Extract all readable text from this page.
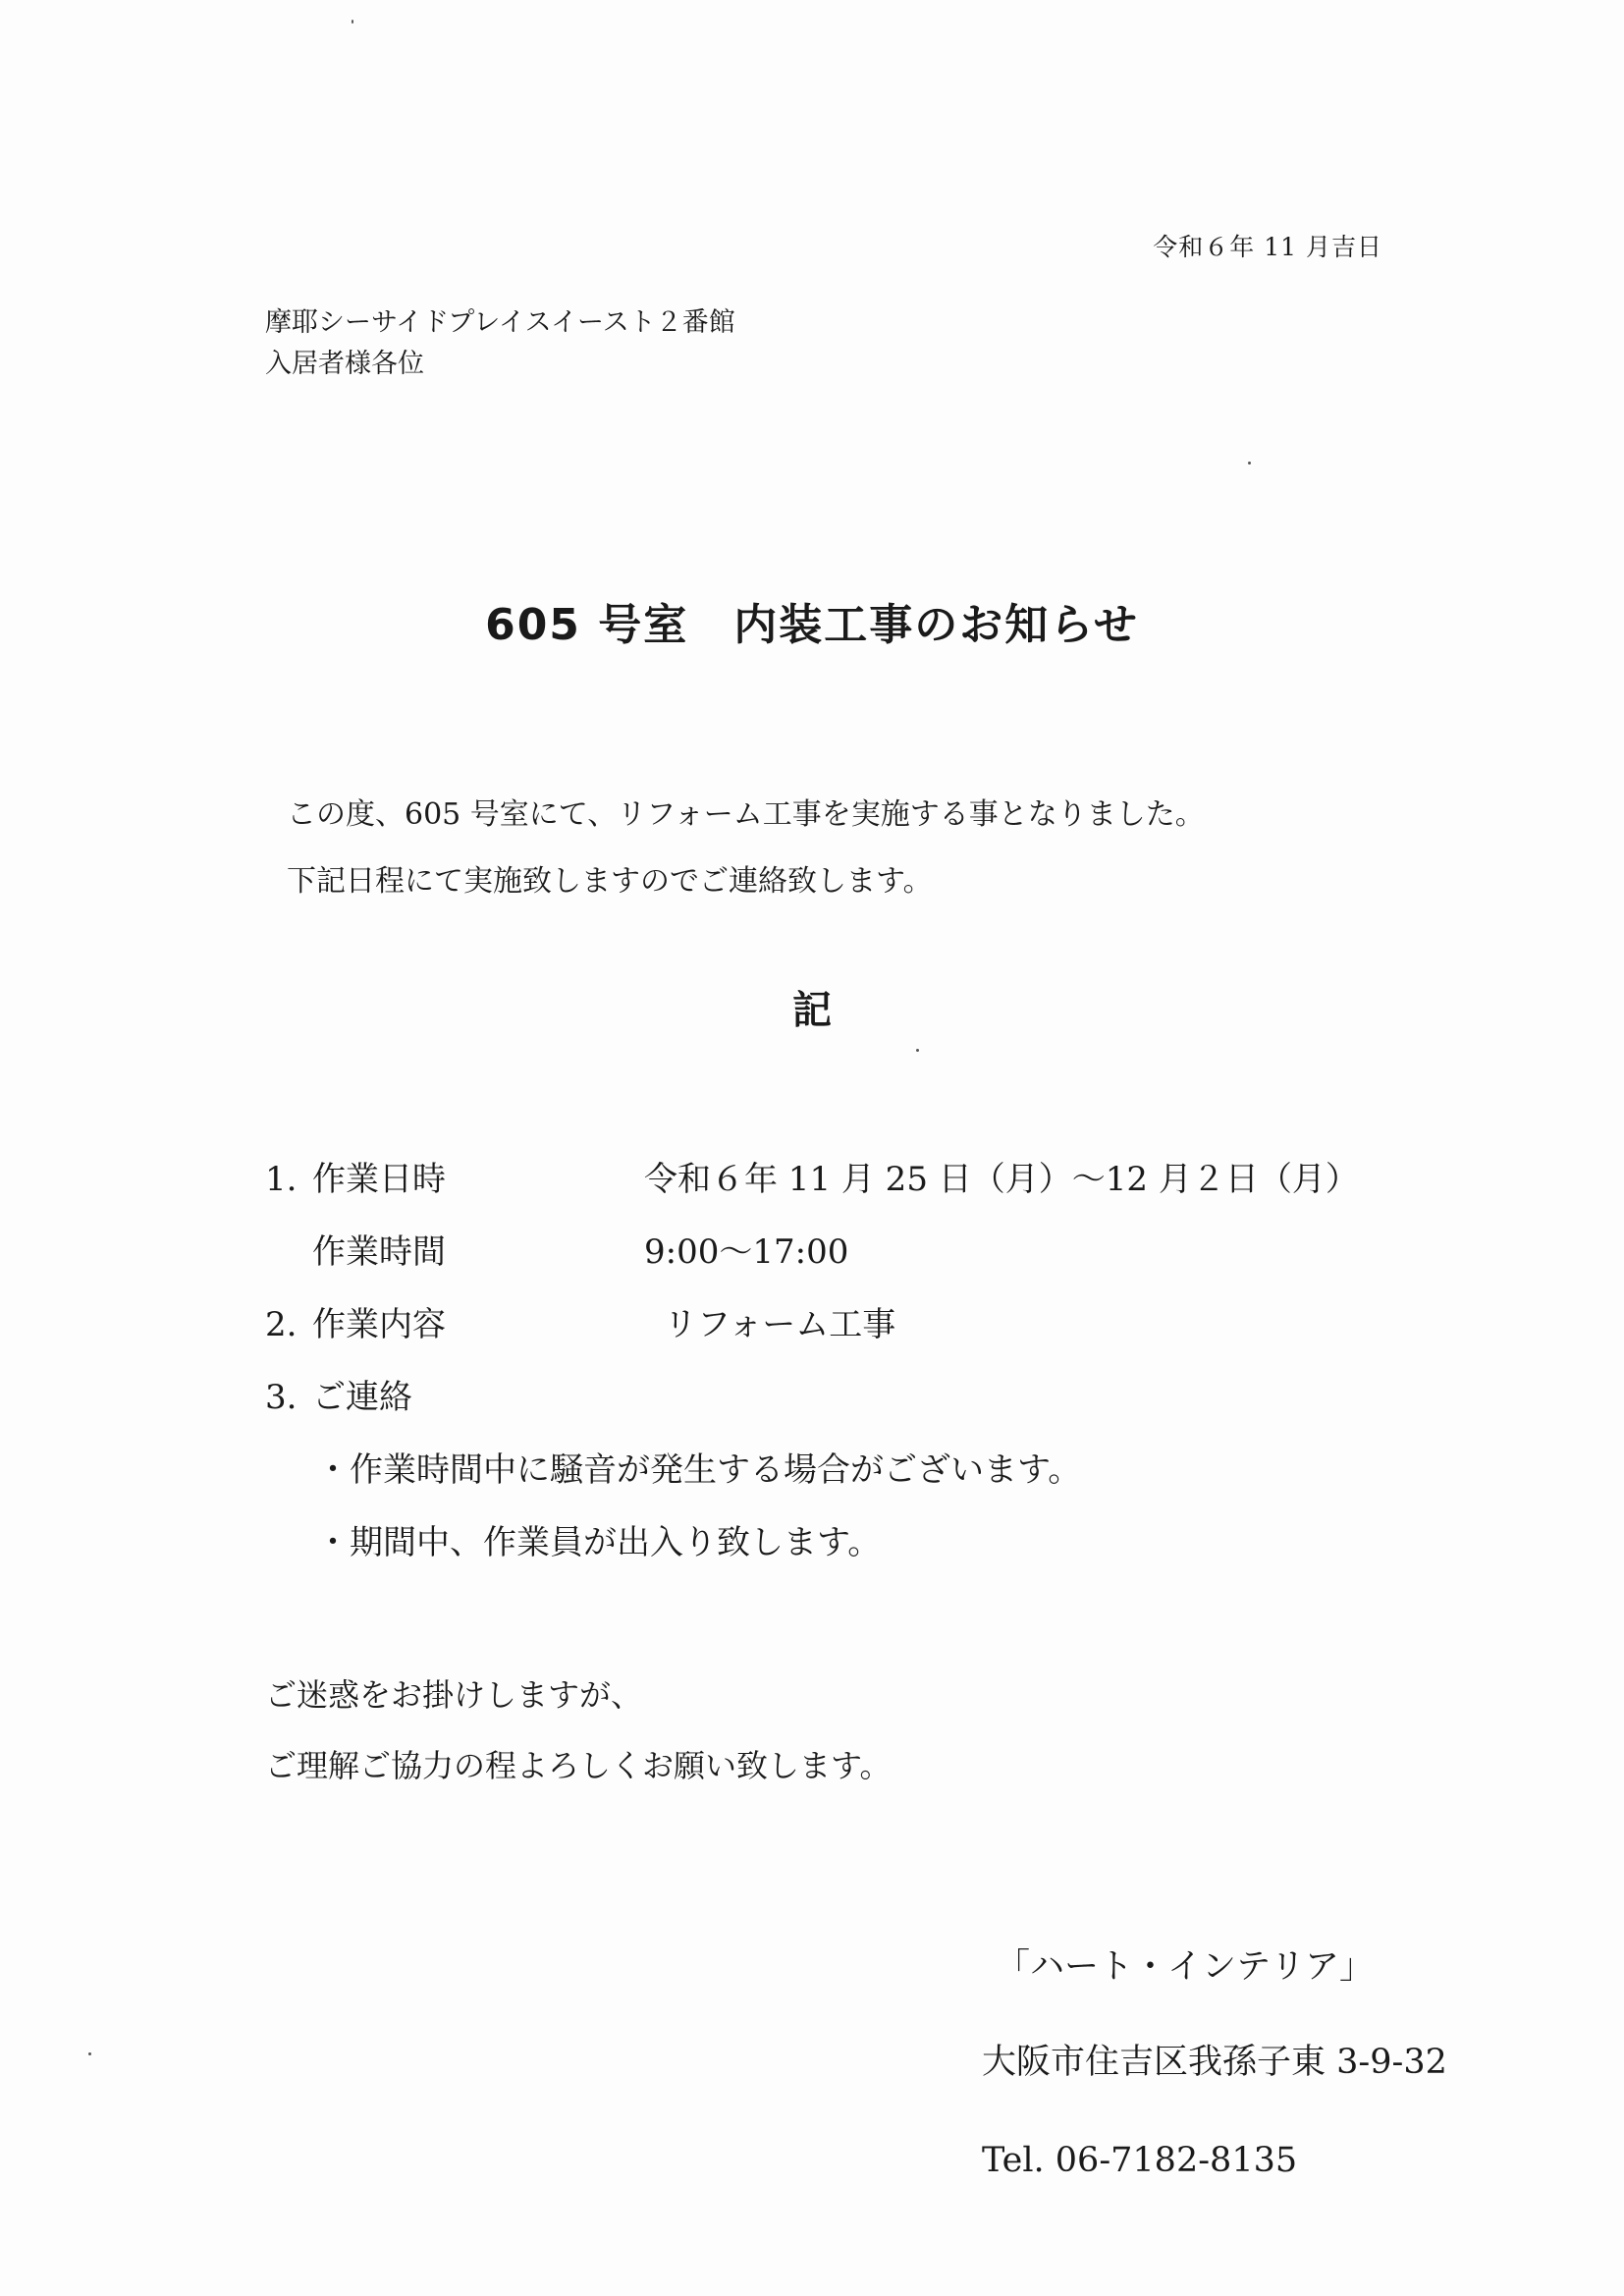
令和６年 11 月吉日
摩耶シーサイドプレイスイースト２番館
入居者様各位
605 号室　内装工事のお知らせ
この度、605 号室にて、リフォーム工事を実施する事となりました。
下記日程にて実施致しますのでご連絡致します。
記
1. 作業日時	令和６年 11 月 25 日（月）～12 月２日（月）
作業時間	9:00～17:00
2. 作業内容	リフォーム工事
3. ご連絡
・作業時間中に騒音が発生する場合がございます。
・期間中、作業員が出入り致します。
ご迷惑をお掛けしますが、
ご理解ご協力の程よろしくお願い致します。
「ハート・インテリア」
大阪市住吉区我孫子東 3-9-32
Tel. 06-7182-8135
